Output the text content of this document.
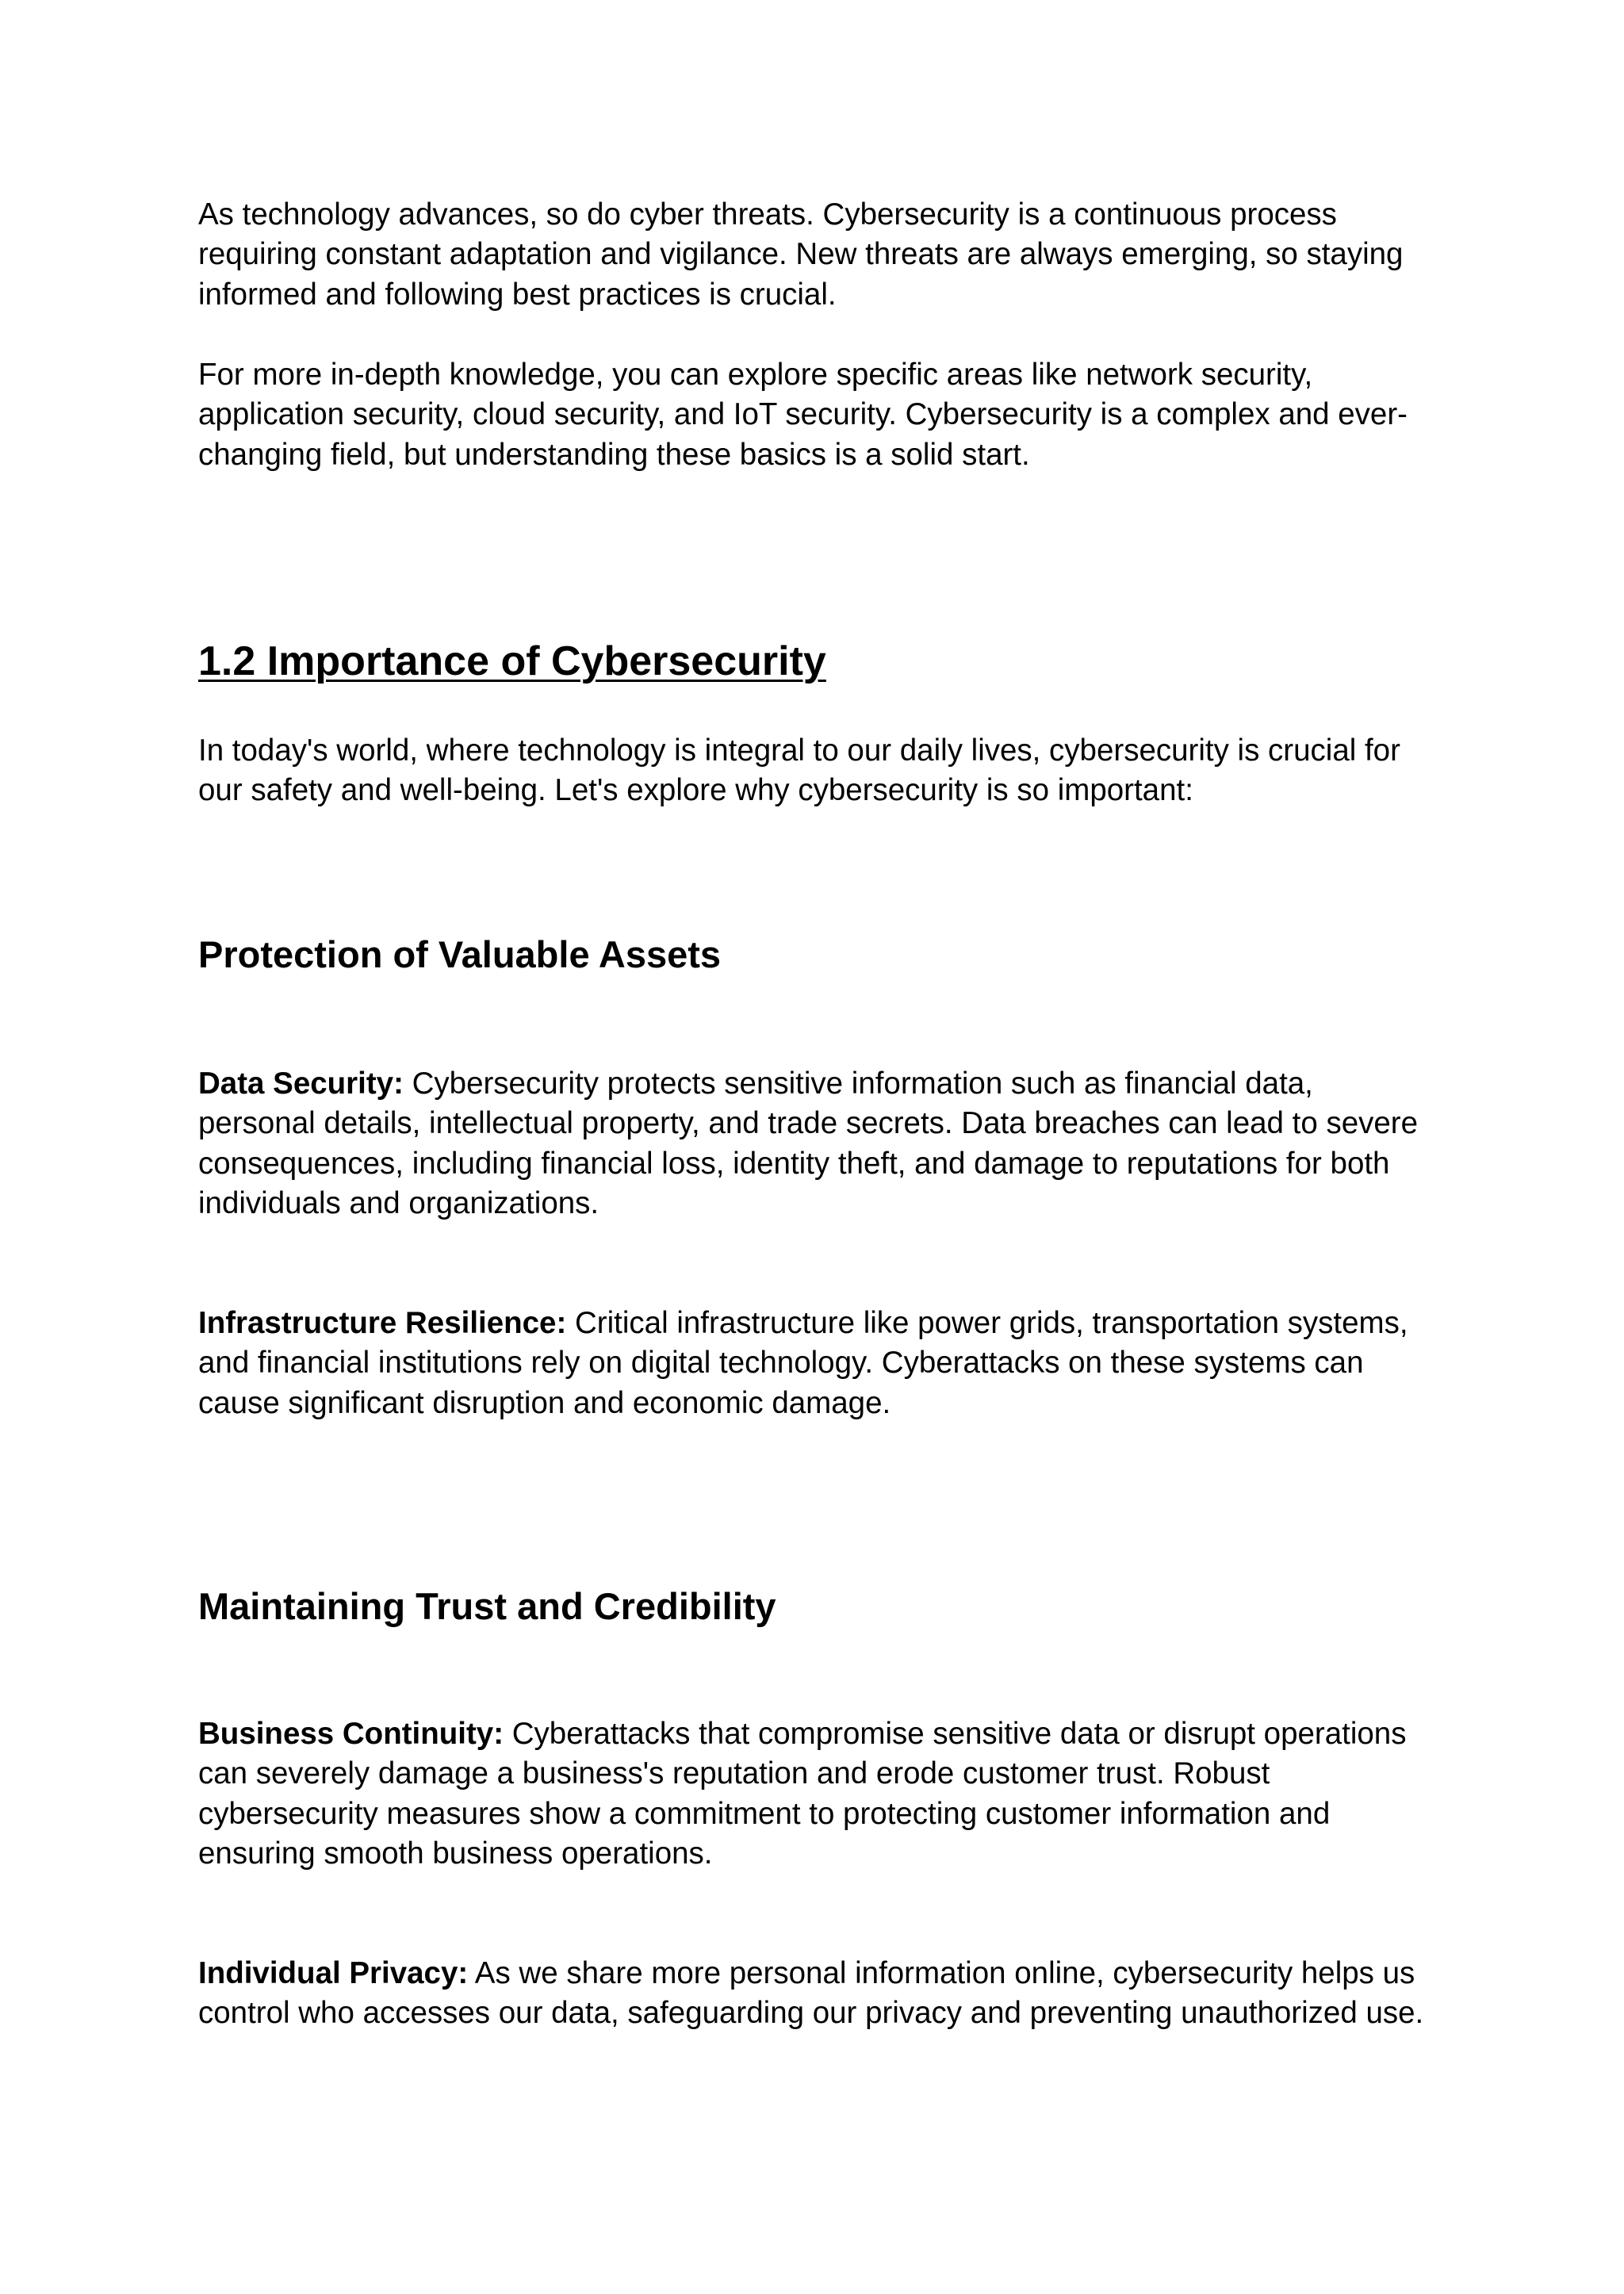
As technology advances, so do cyber threats. Cybersecurity is a continuous process requiring constant adaptation and vigilance. New threats are always emerging, so staying informed and following best practices is crucial.

For more in-depth knowledge, you can explore specific areas like network security, application security, cloud security, and IoT security. Cybersecurity is a complex and ever-changing field, but understanding these basics is a solid start.

1.2 Importance of Cybersecurity

In today's world, where technology is integral to our daily lives, cybersecurity is crucial for our safety and well-being. Let's explore why cybersecurity is so important:

Protection of Valuable Assets

Data Security: Cybersecurity protects sensitive information such as financial data, personal details, intellectual property, and trade secrets. Data breaches can lead to severe consequences, including financial loss, identity theft, and damage to reputations for both individuals and organizations.

Infrastructure Resilience: Critical infrastructure like power grids, transportation systems, and financial institutions rely on digital technology. Cyberattacks on these systems can cause significant disruption and economic damage.

Maintaining Trust and Credibility

Business Continuity: Cyberattacks that compromise sensitive data or disrupt operations can severely damage a business's reputation and erode customer trust. Robust cybersecurity measures show a commitment to protecting customer information and ensuring smooth business operations.

Individual Privacy: As we share more personal information online, cybersecurity helps us control who accesses our data, safeguarding our privacy and preventing unauthorized use.
